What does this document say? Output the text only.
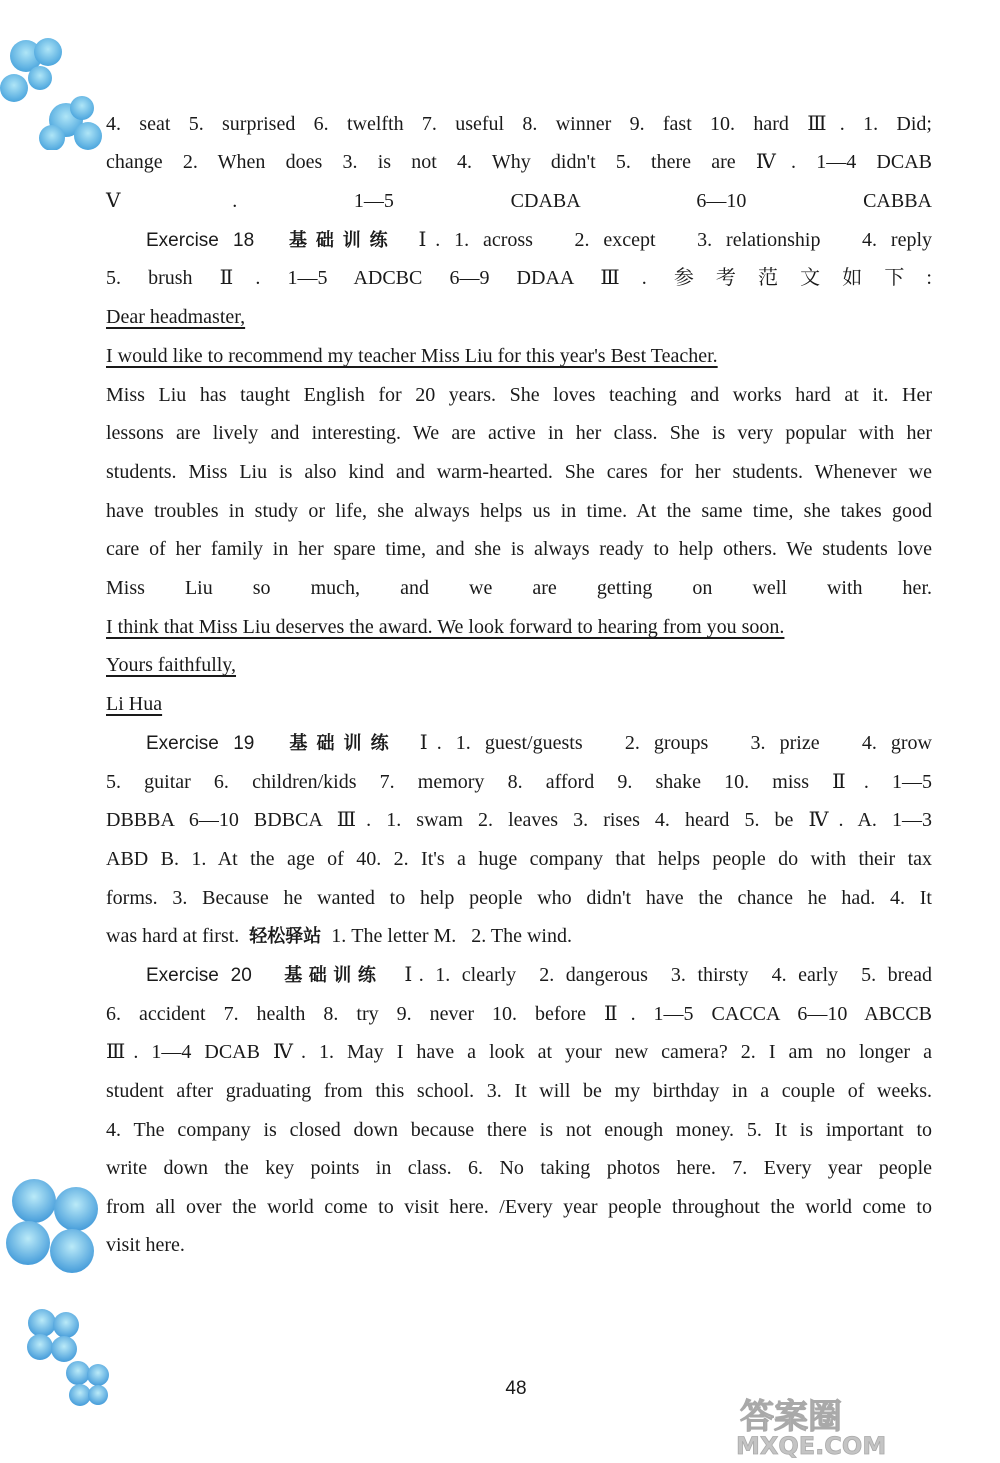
4. seat 5. surprised 6. twelfth 7. useful 8. winner 9. fast 10. hard Ⅲ. 1. Did;
change 2. When does 3. is not 4. Why didn't 5. there are Ⅳ. 1—4 DCAB
Ⅴ. 1—5 CDABA 6—10 CABBA
Exercise 18 基础训练 Ⅰ. 1. across   2. except   3. relationship   4. reply
5. brush Ⅱ. 1—5 ADCBC 6—9 DDAA Ⅲ. 参考范文如下:
Dear headmaster,
I would like to recommend my teacher Miss Liu for this year's Best Teacher.
Miss Liu has taught English for 20 years. She loves teaching and works hard at it. Her
lessons are lively and interesting. We are active in her class. She is very popular with her
students. Miss Liu is also kind and warm-hearted. She cares for her students. Whenever we
have troubles in study or life, she always helps us in time. At the same time, she takes good
care of her family in her spare time, and she is always ready to help others. We students love
Miss Liu so much, and we are getting on well with her.
I think that Miss Liu deserves the award. We look forward to hearing from you soon.
Yours faithfully,
Li Hua
Exercise 19 基础训练 Ⅰ. 1. guest/guests   2. groups   3. prize   4. grow
5. guitar 6. children/kids 7. memory 8. afford 9. shake 10. miss Ⅱ. 1—5
DBBBA 6—10 BDBCA Ⅲ. 1. swam 2. leaves 3. rises 4. heard 5. be Ⅳ. A. 1—3
ABD B. 1. At the age of 40. 2. It's a huge company that helps people do with their tax
forms. 3. Because he wanted to help people who didn't have the chance he had. 4. It
was hard at first.  轻松驿站  1. The letter M.   2. The wind.
Exercise 20 基础训练 Ⅰ. 1. clearly  2. dangerous  3. thirsty  4. early  5. bread
6. accident 7. health 8. try 9. never 10. before Ⅱ. 1—5 CACCA 6—10 ABCCB
Ⅲ. 1—4 DCAB Ⅳ. 1. May I have a look at your new camera? 2. I am no longer a
student after graduating from this school. 3. It will be my birthday in a couple of weeks.
4. The company is closed down because there is not enough money. 5. It is important to
write down the key points in class. 6. No taking photos here. 7. Every year people
from all over the world come to visit here. /Every year people throughout the world come to
visit here.
48
答案圈
MXQE.COM
